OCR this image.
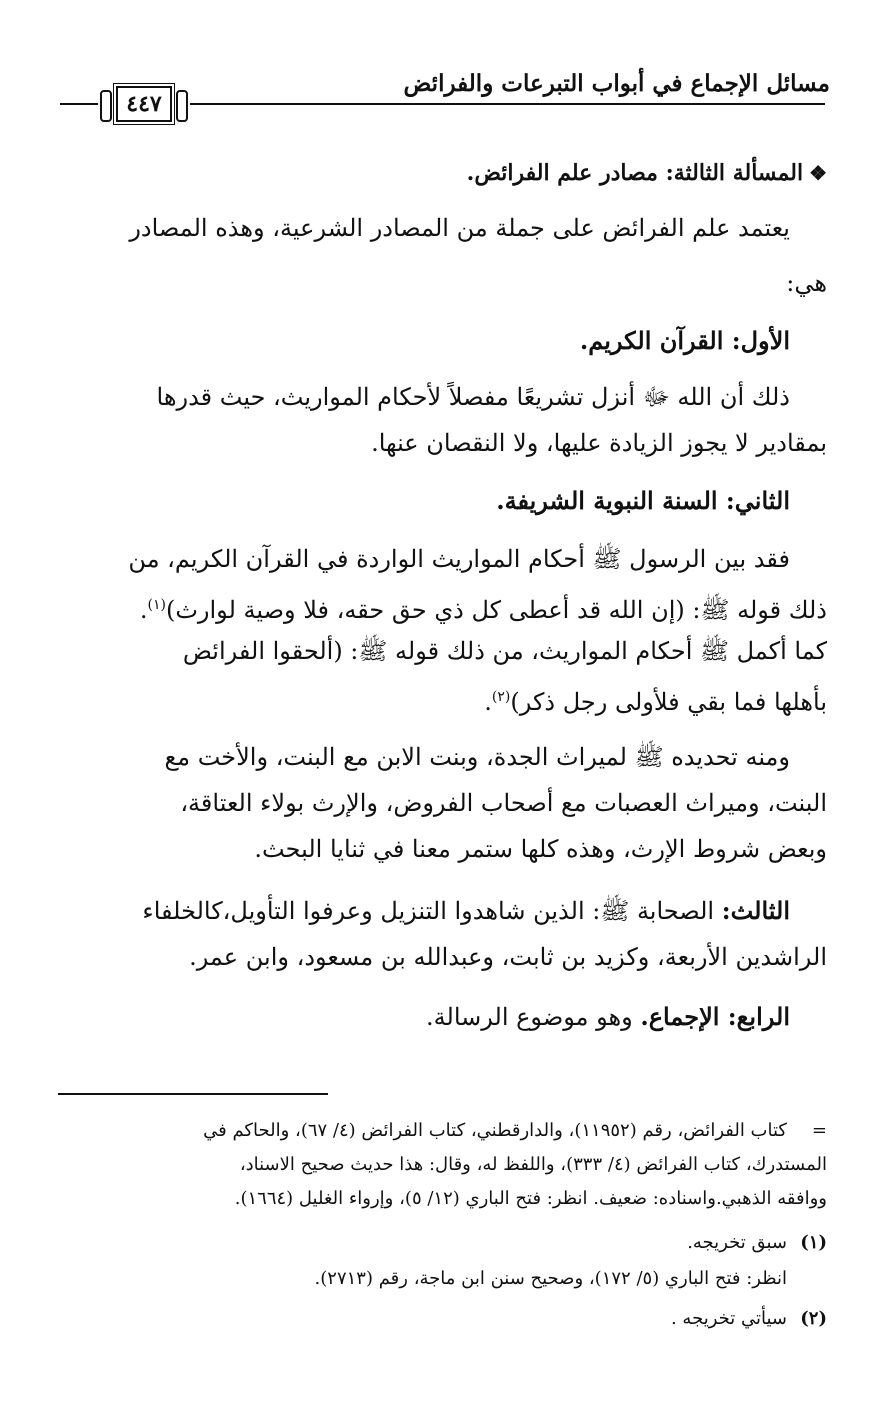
مسائل الإجماع في أبواب التبرعات والفرائض
٤٤٧
❖المسألة الثالثة: مصادر علم الفرائض.
يعتمد علم الفرائض على جملة من المصادر الشرعية، وهذه المصادر
هي:
الأول: القرآن الكريم.
ذلك أن الله ﷻ أنزل تشريعًا مفصلاً لأحكام المواريث، حيث قدرها
بمقادير لا يجوز الزيادة عليها، ولا النقصان عنها.
الثاني: السنة النبوية الشريفة.
فقد بين الرسول ﷺ أحكام المواريث الواردة في القرآن الكريم، من
ذلك قوله ﷺ: (إن الله قد أعطى كل ذي حق حقه، فلا وصية لوارث)$^{(١)}$.
كما أكمل ﷺ أحكام المواريث، من ذلك قوله ﷺ: (ألحقوا الفرائض
بأهلها فما بقي فلأولى رجل ذكر)$^{(٢)}$.
ومنه تحديده ﷺ لميراث الجدة، وبنت الابن مع البنت، والأخت مع
البنت، وميراث العصبات مع أصحاب الفروض، والإرث بولاء العتاقة،
وبعض شروط الإرث، وهذه كلها ستمر معنا في ثنايا البحث.
الثالث: الصحابة ﷺ: الذين شاهدوا التنزيل وعرفوا التأويل،كالخلفاء
الراشدين الأربعة، وكزيد بن ثابت، وعبدالله بن مسعود، وابن عمر.
الرابع: الإجماع. وهو موضوع الرسالة.
=كتاب الفرائض، رقم (١١٩٥٢)، والدارقطني، كتاب الفرائض (٤/ ٦٧)، والحاكم في
المستدرك، كتاب الفرائض (٤/ ٣٣٣)، واللفظ له، وقال: هذا حديث صحيح الاسناد،
ووافقه الذهبي.واسناده: ضعيف. انظر: فتح الباري (١٢/ ٥)، وإرواء الغليل (١٦٦٤).
(١)سبق تخريجه.
انظر: فتح الباري (٥/ ١٧٢)، وصحيح سنن ابن ماجة، رقم (٢٧١٣).
(٢)سيأتي تخريجه .
